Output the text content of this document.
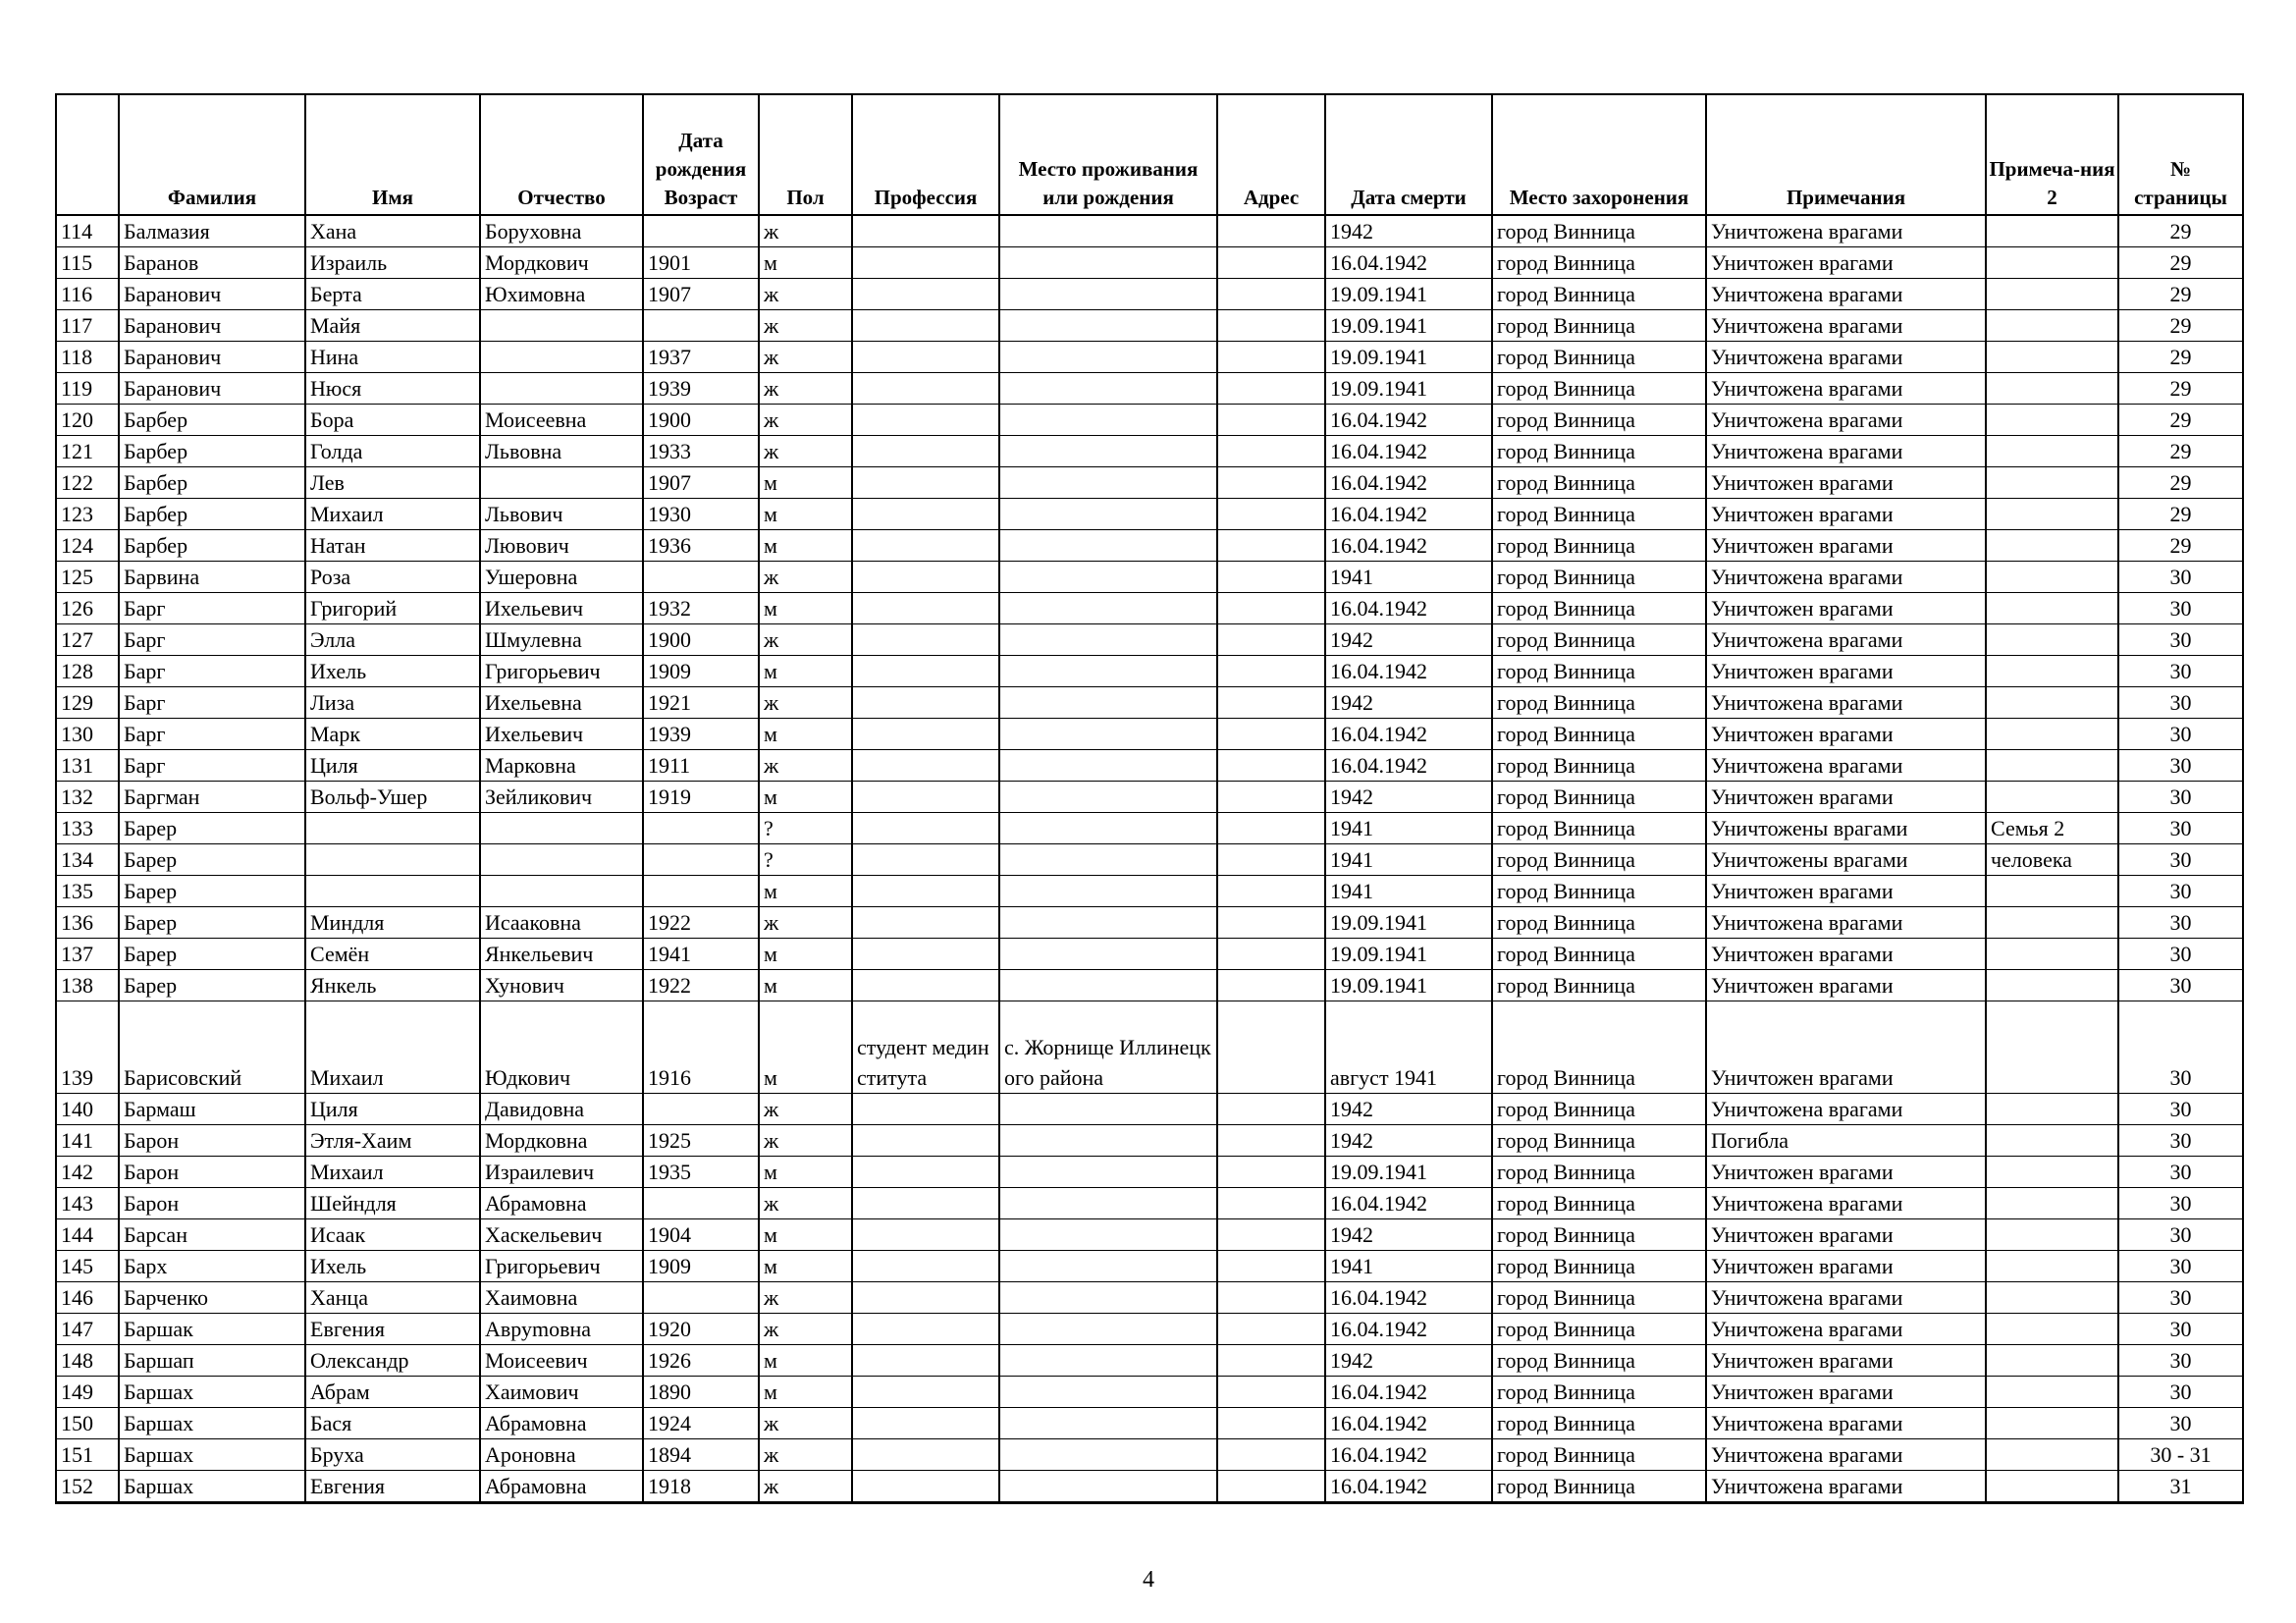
	Фамилия	Имя	Отчество	Дата рождения Возраст	Пол	Профессия	Место проживания или рождения	Адрес	Дата смерти	Место захоронения	Примечания	Примеча-ния 2	№ страницы
114	Балмазия	Хана	Боруховна		ж				1942	город Винница	Уничтожена врагами		29
115	Баранов	Израиль	Мордкович	1901	м				16.04.1942	город Винница	Уничтожен врагами		29
116	Баранович	Берта	Юхимовна	1907	ж				19.09.1941	город Винница	Уничтожена врагами		29
117	Баранович	Майя			ж				19.09.1941	город Винница	Уничтожена врагами		29
118	Баранович	Нина		1937	ж				19.09.1941	город Винница	Уничтожена врагами		29
119	Баранович	Нюся		1939	ж				19.09.1941	город Винница	Уничтожена врагами		29
120	Барбер	Бора	Моисеевна	1900	ж				16.04.1942	город Винница	Уничтожена врагами		29
121	Барбер	Голда	Львовна	1933	ж				16.04.1942	город Винница	Уничтожена врагами		29
122	Барбер	Лев		1907	м				16.04.1942	город Винница	Уничтожен врагами		29
123	Барбер	Михаил	Львович	1930	м				16.04.1942	город Винница	Уничтожен врагами		29
124	Барбер	Натан	Лювович	1936	м				16.04.1942	город Винница	Уничтожен врагами		29
125	Барвина	Роза	Ушеровна		ж				1941	город Винница	Уничтожена врагами		30
126	Барг	Григорий	Ихельевич	1932	м				16.04.1942	город Винница	Уничтожен врагами		30
127	Барг	Элла	Шмулевна	1900	ж				1942	город Винница	Уничтожена врагами		30
128	Барг	Ихель	Григорьевич	1909	м				16.04.1942	город Винница	Уничтожен врагами		30
129	Барг	Лиза	Ихельевна	1921	ж				1942	город Винница	Уничтожена врагами		30
130	Барг	Марк	Ихельевич	1939	м				16.04.1942	город Винница	Уничтожен врагами		30
131	Барг	Циля	Марковна	1911	ж				16.04.1942	город Винница	Уничтожена врагами		30
132	Баргман	Вольф-Ушер	Зейликович	1919	м				1942	город Винница	Уничтожен врагами		30
133	Барер				?				1941	город Винница	Уничтожены врагами	Семья 2	30
134	Барер				?				1941	город Винница	Уничтожены врагами	человека	30
135	Барер				м				1941	город Винница	Уничтожен врагами		30
136	Барер	Миндля	Исааковна	1922	ж				19.09.1941	город Винница	Уничтожена врагами		30
137	Барер	Семён	Янкельевич	1941	м				19.09.1941	город Винница	Уничтожен врагами		30
138	Барер	Янкель	Хунович	1922	м				19.09.1941	город Винница	Уничтожен врагами		30
139	Барисовский	Михаил	Юдкович	1916	м	студент мединститута	с. Жорнище Иллинецкого района		август 1941	город Винница	Уничтожен врагами		30
140	Бармаш	Циля	Давидовна		ж				1942	город Винница	Уничтожена врагами		30
141	Барон	Этля-Хаим	Мордковна	1925	ж				1942	город Винница	Погибла		30
142	Барон	Михаил	Израилевич	1935	м				19.09.1941	город Винница	Уничтожен врагами		30
143	Барон	Шейндля	Абрамовна		ж				16.04.1942	город Винница	Уничтожена врагами		30
144	Барсан	Исаак	Хаскельевич	1904	м				1942	город Винница	Уничтожен врагами		30
145	Барх	Ихель	Григорьевич	1909	м				1941	город Винница	Уничтожен врагами		30
146	Барченко	Ханца	Хаимовна		ж				16.04.1942	город Винница	Уничтожена врагами		30
147	Баршак	Евгения	Авруmовна	1920	ж				16.04.1942	город Винница	Уничтожена врагами		30
148	Баршап	Олександр	Моисеевич	1926	м				1942	город Винница	Уничтожен врагами		30
149	Баршах	Абрам	Хаимович	1890	м				16.04.1942	город Винница	Уничтожен врагами		30
150	Баршах	Бася	Абрамовна	1924	ж				16.04.1942	город Винница	Уничтожена врагами		30
151	Баршах	Бруха	Ароновна	1894	ж				16.04.1942	город Винница	Уничтожена врагами		30 - 31
152	Баршах	Евгения	Абрамовна	1918	ж				16.04.1942	город Винница	Уничтожена врагами		31
4
